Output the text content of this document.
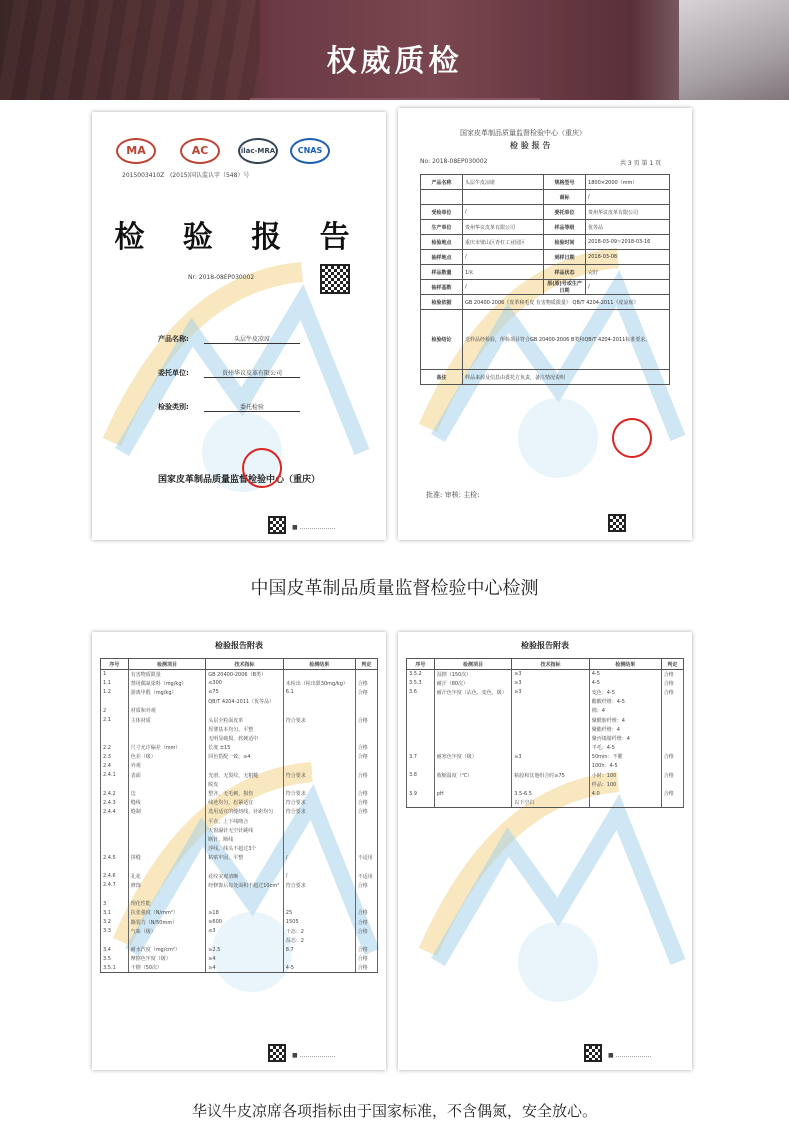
权威质检
MA	AC	ilac-MRA	CNAS
2015003410Z   (2015)国认监认字（548）号
检 验 报 告
Nr: 2018-08EP030002
产品名称:	头层牛皮凉席
委托单位:	贵州华议皮革有限公司
检验类别:	委托检验
国家皮革制品质量监督检验中心（重庆）
■ ………………
国家皮革制品质量监督检验中心（重庆）
检 验 报 告
No: 2018-08EP030002	共 3 页 第 1 页
产品名称	头层牛皮凉席	规格型号	1800×2000（mm）
		商标	/
受检单位	/	委托单位	贵州华议皮革有限公司
生产单位	贵州华议皮革有限公司	样品等级	优等品
检验地点	重庆市璧山区青杠工业园区	检验时间	2018-03-09~2018-03-16
抽样地点	/	到样日期	2018-03-08
样品数量	1床	样品状态	完好
抽样基数	/	原(原)号或生产日期	/
检验依据	GB 20400-2006《皮革和毛皮 有害物质限量》 QB/T 4204-2011《皮凉席》		
检验结论	送样品经检验，所检项目符合GB 20400-2006 B类和QB/T 4204-2011标准要求。		
备注	样品来源及信息由委托方负责，备注情况说明		
批准: 审核: 主检:
中国皮革制品质量监督检验中心检测
检验报告附表
序号	检测项目	技术指标	检测结果	判定
1	有害物质限量	GB 20400-2006（B类）		
1.1	禁用偶氮染料（mg/kg）	≤300	未检出（检出限30mg/kg）	合格
1.2	游离甲醛（mg/kg）	≤75	6.1	合格
		QB/T 4204-2011（优等品）		
2	材质和外观			
2.1	主体材质	头层全粒面皮革	符合要求	合格
		厚薄基本均匀，平整		
		无明显破损，软硬适中		
2.2	尺寸允许偏差（mm）	长度 ±15		合格
2.3	色差（级）	同色搭配一致，≥4		合格
2.4	外观			
2.4.1	表面	光滑，无裂纹，无粗糙	符合要求	合格
		脱皮		
2.4.2	边	整齐，无毛刺，损伤	符合要求	合格
2.4.3	缝线	线迹均匀，松紧适宜	符合要求	合格
2.4.4	缝制	选用适宜的缝纫线，针距均匀	符合要求	合格
		平直，上下线吻合		
		天窗漏针无空针跳线		
		断针，断线		
		浮线，线头不超过3个		
2.4.5	拼缝	粘贴牢固，平整	/	不适用

2.4.6	孔花	花纹美观清晰	/	不适用
2.4.7	修饰	经修饰后每处面积不超过10cm²	符合要求	合格

3	理化性能			
3.1	抗张强度（N/mm²）	≥18	25	合格
3.2	撕裂力（N/50mm）	≥600	1505	合格
3.3	气味（级）	≤3	干态：2	合格
			湿态：2	
3.4	耐水汽度（mg/cm²）	≥2.5	8.7	合格
3.5	摩擦色牢度（级）	≥4		合格
3.5.1	干擦（50次）	≥4	4-5	合格
■ ………………
检验报告附表
序号	检测项目	技术指标	检测结果	判定
3.5.2	湿擦（150次）	≥3	4-5	合格
3.5.3	耐汗（80次）	≥3	4-5	合格
3.6	耐汗色牢度（沾色，变色，级）	≥3	变色：4-5	合格
			醋酸纤维：4-5	
			棉：4	
			聚酰胺纤维：4	
			聚酯纤维：4	
			聚丙烯腈纤维：4	
			羊毛：4-5	
3.7	耐寒色牢度（级）	≥3	50min：不脆	合格
			100h：4-5	
3.8	收缩温度（℃）	粘胶和其他组合时≥75	小时：100	合格
			样品：100	
3.9	pH	3.5-6.5	4.0	合格
		以下空白		
■ ………………
华议牛皮凉席各项指标由于国家标准，不含偶氮，安全放心。
